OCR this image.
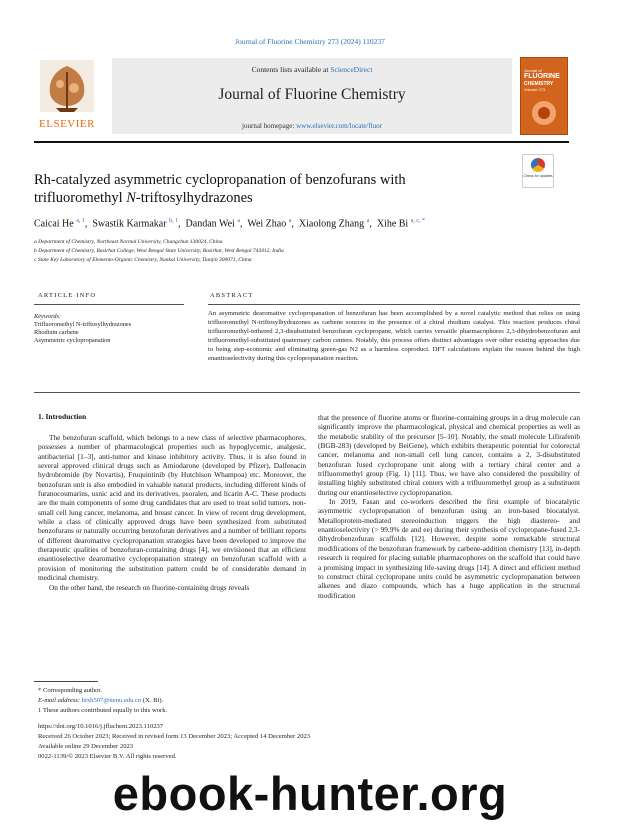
Journal of Fluorine Chemistry 273 (2024) 110237
ELSEVIER
Contents lists available at ScienceDirect
Journal of Fluorine Chemistry
journal homepage: www.elsevier.com/locate/fluor
Journal of
FLUORINE
CHEMISTRY
Volume 273
Rh-catalyzed asymmetric cyclopropanation of benzofurans with
trifluoromethyl N-triftosylhydrazones
Check for updates
Caicai He $^{a, 1}$,  Swastik Karmakar $^{b, 1}$,  Dandan Wei $^a$,  Wei Zhao $^a$,  Xiaolong Zhang $^a$,  Xihe Bi $^{a, c, *}$
a Department of Chemistry, Northeast Normal University, Changchun 130024, China
b Department of Chemistry, Basirhat College, West Bengal State University, Basirhat, West Bengal 743412, India
c State Key Laboratory of Elemento-Organic Chemistry, Nankai University, Tianjin 300071, China
ARTICLE INFO
Keywords:
Trifluoromethyl N-triftosylhydrazones
Rhodium carbene
Asymmetric cyclopropanation
ABSTRACT

An asymmetric dearomative cyclopropanation of benzofuran has been accomplished by a novel catalytic method that relies on using trifluoromethyl N-triftosylhydrazones as carbene sources in the presence of a chiral rhodium catalyst. This reaction produces chiral trifluoromethyl-tethered 2,3-disubstituted benzofuran cyclopropane, which carries versatile pharmacophores 2,3-dihydrobenzofuran and trifluoromethyl-substituted quaternary carbon centers. Notably, this process offers distinct advantages over other existing approaches due to being step-economic and eliminating green-gas N2 as a harmless coproduct. DFT calculations explain the reason behind the high enantioselectivity during this cyclopropanation reaction.

1. Introduction

The benzofuran scaffold, which belongs to a new class of selective pharmacophores, possesses a number of pharmacological properties such as hypoglycemic, analgesic, antibacterial [1–3], anti-tumor and kinase inhibitory activity. Thus, it is also found in several approved clinical drugs such as Amiodarone (developed by Pfizer), Dalfenacin hydrobromide (by Novartis), Fruquintinib (by Hutchison Whampoa) etc. Moreover, the benzofuran unit is also embodied in valuable natural products, including different kinds of furanocoumarins, usnic acid and its derivatives, psoralen, and licarin A-C. These products are the main components of some drug candidates that are used to treat solid tumors, non-small cell lung cancer, melanoma, and breast cancer. In view of recent drug development, while a class of clinically approved drugs have been synthesized from substituted benzofurans or naturally occurring benzofuran derivatives and a number of brilliant reports of different dearomative cyclopropanation strategies have been developed to improve the therapeutic qualities of benzofuran-containing drugs [4], we envisioned that an efficient enantioselective dearomative cyclopropanation strategy on benzofuran scaffold with a provision of monitoring the substitution pattern could be of considerable demand in medicinal chemistry.

On the other hand, the research on fluorine-containing drugs reveals

that the presence of fluorine atoms or fluorine-containing groups in a drug molecule can significantly improve the pharmacological, physical and chemical properties as well as the metabolic stability of the precursor [5–10]. Notably, the small molecule Lifirafenib (BGB-283) (developed by BeiGene), which exhibits therapeutic potential for colorectal cancer, melanoma and non-small cell lung cancer, contains a 2, 3-disubstituted benzofuran fused cyclopropane unit along with a tertiary chiral center and a trifluoromethyl group (Fig. 1) [11]. Thus, we have also considered the possibility of installing highly substituted chiral centers with a trifluoromethyl group as a substituent during our enantioselective cyclopropanation.

In 2019, Fasan and co-workers described the first example of biocatalytic asymmetric cyclopropanation of benzofuran using an iron-based biocatalyst. Metalloprotein-mediated stereoinduction triggers the high diastereo- and enantioselectivity (> 99.9% de and ee) during their synthesis of cyclopropane-fused 2,3-dihydrobenzofuran scaffolds [12]. However, despite some remarkable structural modifications of the benzofuran framework by carbene-addition chemistry [13], in-depth research is required for placing suitable pharmacophores on the scaffold that could have a promising impact in synthesizing life-saving drugs [14]. A direct and efficient method to construct chiral cyclopropane units could be asymmetric cyclopropanation between alkenes and diazo compounds, which has a huge application in the structural modification

* Corresponding author.
E-mail address: bixh507@nenu.edu.cn (X. Bi).
1 These authors contributed equally to this work.
https://doi.org/10.1016/j.jfluchem.2023.110237
Received 26 October 2023; Received in revised form 13 December 2023; Accepted 14 December 2023
Available online 29 December 2023
0022-1139/© 2023 Elsevier B.V. All rights reserved.
ebook-hunter.org
